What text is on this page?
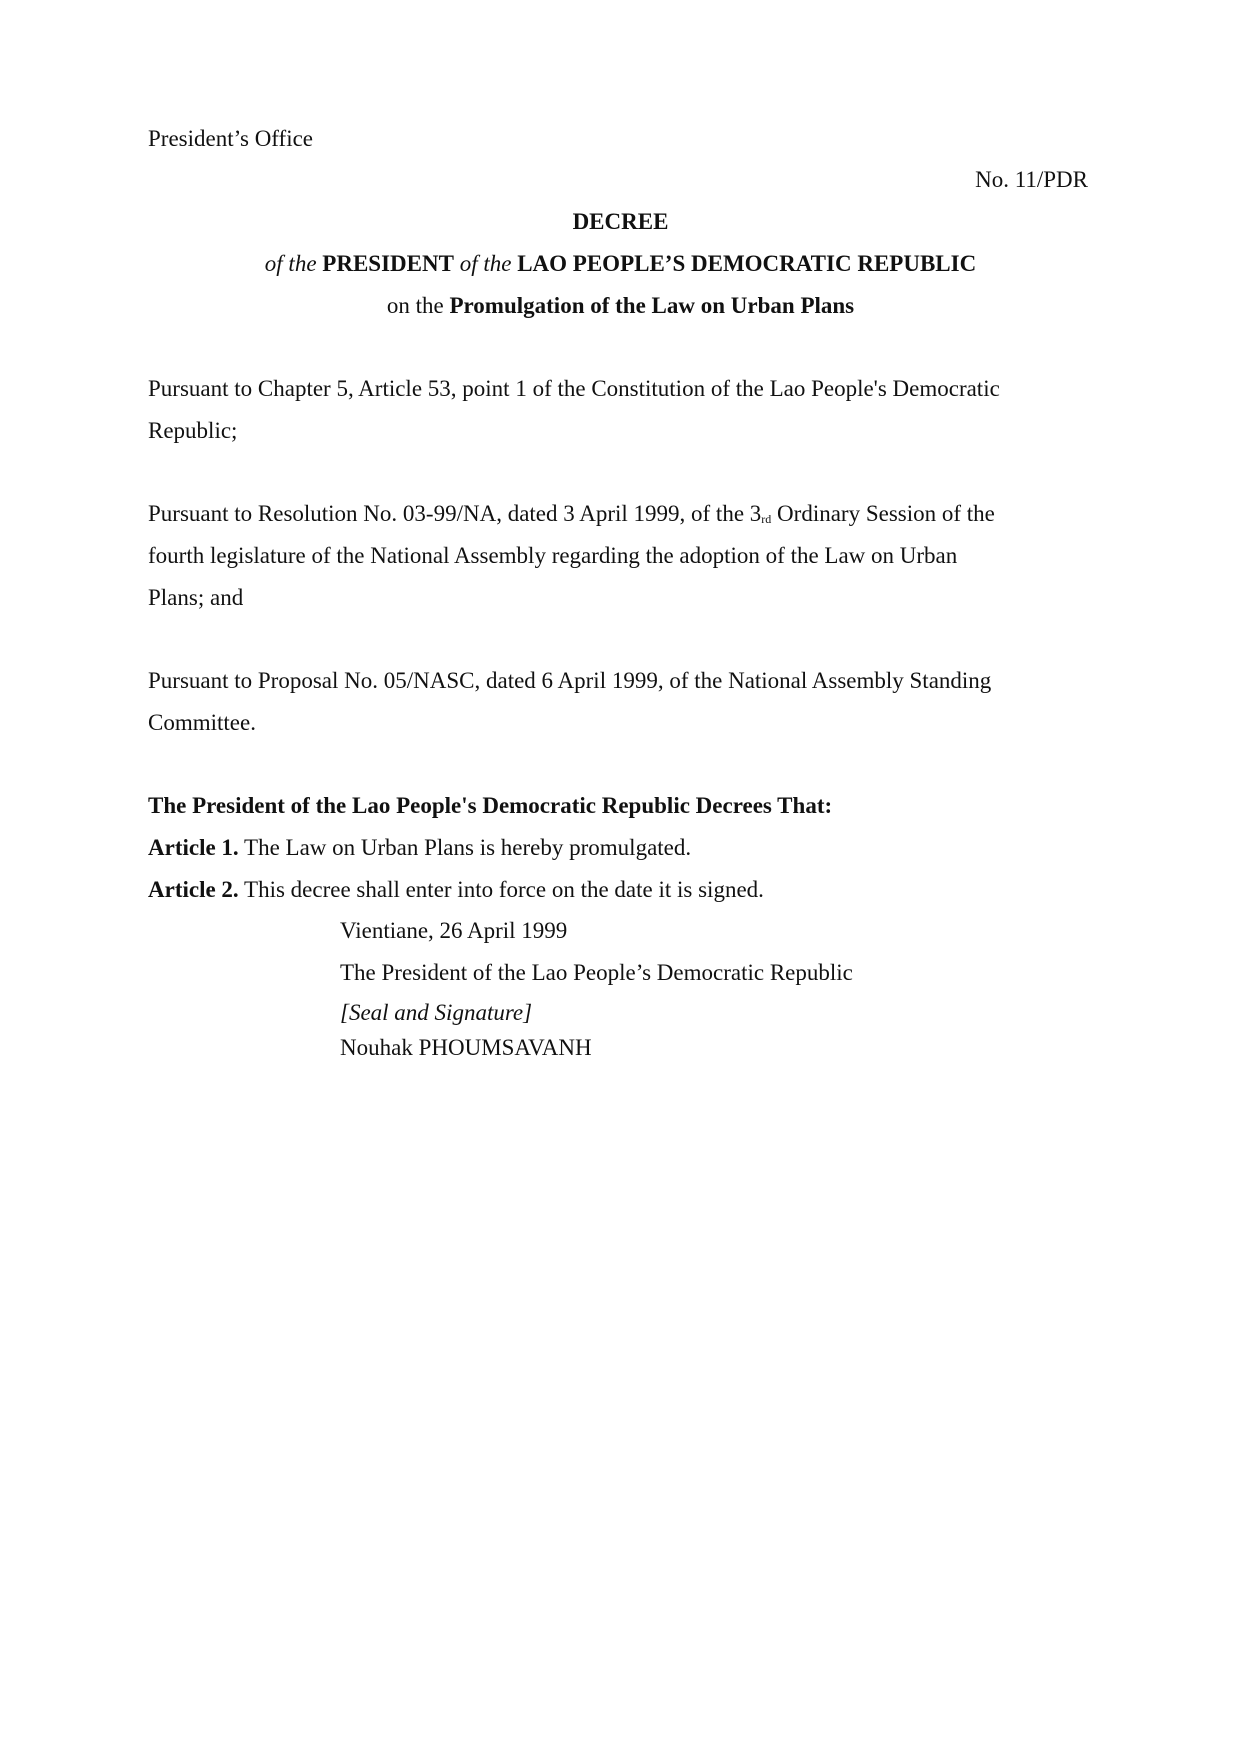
President’s Office
No. 11/PDR
DECREE
of the PRESIDENT of the LAO PEOPLE’S DEMOCRATIC REPUBLIC
on the Promulgation of the Law on Urban Plans
Pursuant to Chapter 5, Article 53, point 1 of the Constitution of the Lao People's Democratic
Republic;
Pursuant to Resolution No. 03-99/NA, dated 3 April 1999, of the 3rd Ordinary Session of the
fourth legislature of the National Assembly regarding the adoption of the Law on Urban
Plans; and
Pursuant to Proposal No. 05/NASC, dated 6 April 1999, of the National Assembly Standing
Committee.
The President of the Lao People's Democratic Republic Decrees That:
Article 1. The Law on Urban Plans is hereby promulgated.
Article 2. This decree shall enter into force on the date it is signed.
Vientiane, 26 April 1999
The President of the Lao People’s Democratic Republic
[Seal and Signature]
Nouhak PHOUMSAVANH
